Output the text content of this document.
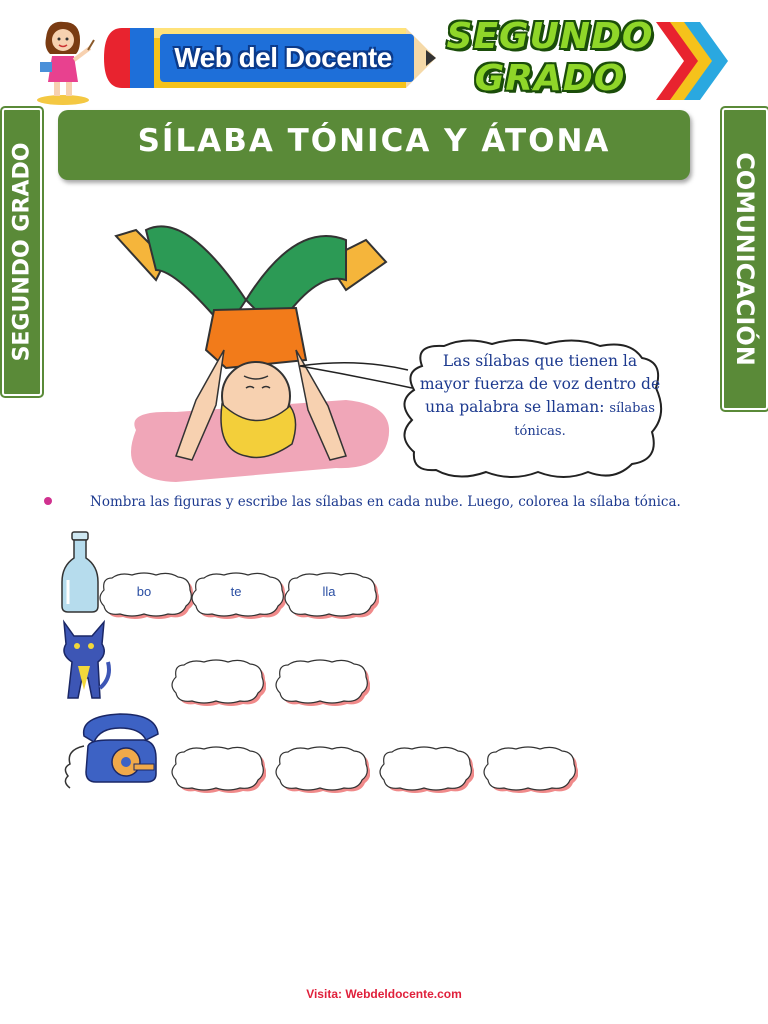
Web del Docente
SEGUNDO
GRADO
SEGUNDO GRADO	COMUNICACIÓN
SÍLABA TÓNICA Y ÁTONA
Las sílabas que tienen la
mayor fuerza de voz dentro de
una palabra se llaman: sílabas
tónicas.
Nombra las figuras y escribe las sílabas en cada nube. Luego, colorea la sílaba tónica.
bo	te	lla
Visita: Webdeldocente.com
